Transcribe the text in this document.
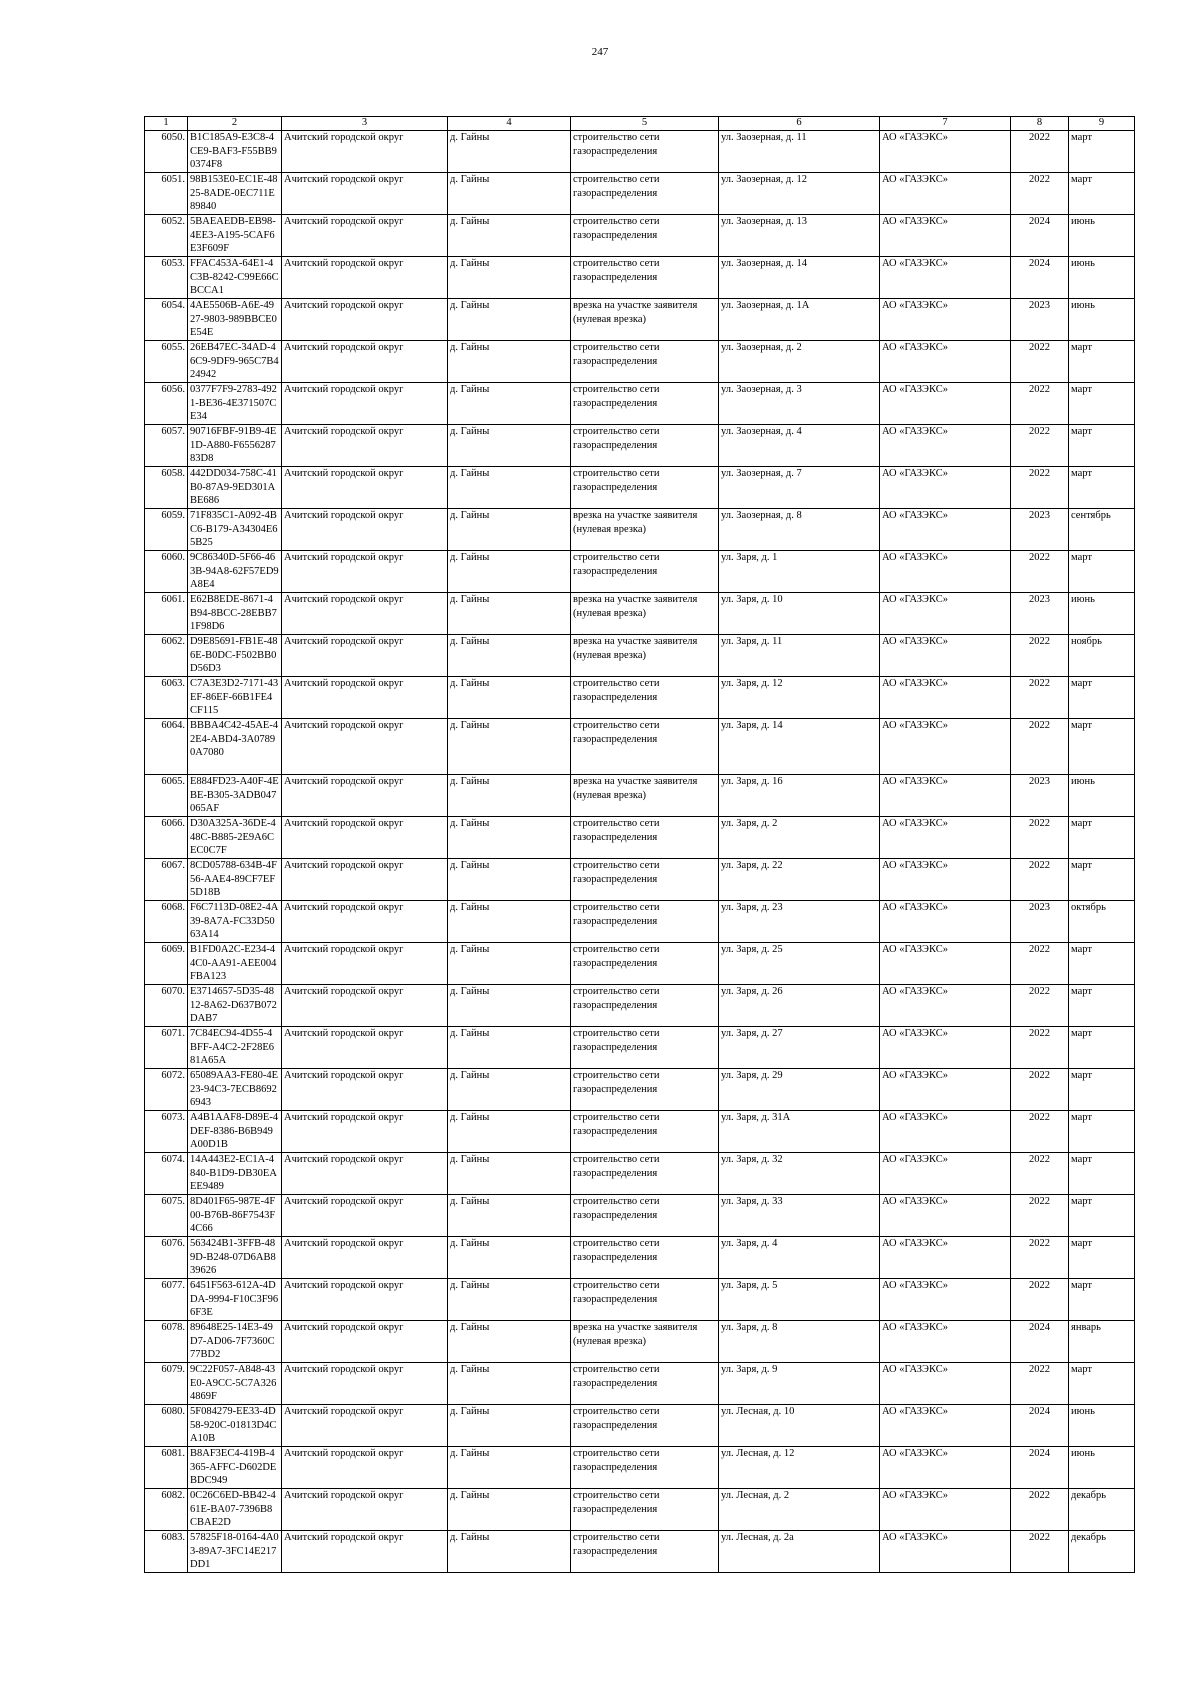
247
1	2	3	4	5	6	7	8	9
6050.	B1C185A9-E3C8-4CE9-BAF3-F55BB90374F8	Ачитский городской округ	д. Гайны	строительство сети газораспределения	ул. Заозерная, д. 11	АО «ГАЗЭКС»	2022	март
6051.	98B153E0-EC1E-4825-8ADE-0EC711E89840	Ачитский городской округ	д. Гайны	строительство сети газораспределения	ул. Заозерная, д. 12	АО «ГАЗЭКС»	2022	март
6052.	5BAEAEDB-EB98-4EE3-A195-5CAF6E3F609F	Ачитский городской округ	д. Гайны	строительство сети газораспределения	ул. Заозерная, д. 13	АО «ГАЗЭКС»	2024	июнь
6053.	FFAC453A-64E1-4C3B-8242-C99E66CBCCA1	Ачитский городской округ	д. Гайны	строительство сети газораспределения	ул. Заозерная, д. 14	АО «ГАЗЭКС»	2024	июнь
6054.	4AE5506B-A6E-4927-9803-989BBCE0E54E	Ачитский городской округ	д. Гайны	врезка на участке заявителя (нулевая врезка)	ул. Заозерная, д. 1А	АО «ГАЗЭКС»	2023	июнь
6055.	26EB47EC-34AD-46C9-9DF9-965C7B424942	Ачитский городской округ	д. Гайны	строительство сети газораспределения	ул. Заозерная, д. 2	АО «ГАЗЭКС»	2022	март
6056.	0377F7F9-2783-4921-BE36-4E371507CE34	Ачитский городской округ	д. Гайны	строительство сети газораспределения	ул. Заозерная, д. 3	АО «ГАЗЭКС»	2022	март
6057.	90716FBF-91B9-4E1D-A880-F655628783D8	Ачитский городской округ	д. Гайны	строительство сети газораспределения	ул. Заозерная, д. 4	АО «ГАЗЭКС»	2022	март
6058.	442DD034-758C-41B0-87A9-9ED301ABE686	Ачитский городской округ	д. Гайны	строительство сети газораспределения	ул. Заозерная, д. 7	АО «ГАЗЭКС»	2022	март
6059.	71F835C1-A092-4BC6-B179-A34304E65B25	Ачитский городской округ	д. Гайны	врезка на участке заявителя (нулевая врезка)	ул. Заозерная, д. 8	АО «ГАЗЭКС»	2023	сентябрь
6060.	9C86340D-5F66-463B-94A8-62F57ED9A8E4	Ачитский городской округ	д. Гайны	строительство сети газораспределения	ул. Заря, д. 1	АО «ГАЗЭКС»	2022	март
6061.	E62B8EDE-8671-4B94-8BCC-28EBB71F98D6	Ачитский городской округ	д. Гайны	врезка на участке заявителя (нулевая врезка)	ул. Заря, д. 10	АО «ГАЗЭКС»	2023	июнь
6062.	D9E85691-FB1E-486E-B0DC-F502BB0D56D3	Ачитский городской округ	д. Гайны	врезка на участке заявителя (нулевая врезка)	ул. Заря, д. 11	АО «ГАЗЭКС»	2022	ноябрь
6063.	C7A3E3D2-7171-43EF-86EF-66B1FE4CF115	Ачитский городской округ	д. Гайны	строительство сети газораспределения	ул. Заря, д. 12	АО «ГАЗЭКС»	2022	март
6064.	BBBA4C42-45AE-42E4-ABD4-3A07890A7080	Ачитский городской округ	д. Гайны	строительство сети газораспределения	ул. Заря, д. 14	АО «ГАЗЭКС»	2022	март
6065.	E884FD23-A40F-4EBE-B305-3ADB047065AF	Ачитский городской округ	д. Гайны	врезка на участке заявителя (нулевая врезка)	ул. Заря, д. 16	АО «ГАЗЭКС»	2023	июнь
6066.	D30A325A-36DE-448C-B885-2E9A6CEC0C7F	Ачитский городской округ	д. Гайны	строительство сети газораспределения	ул. Заря, д. 2	АО «ГАЗЭКС»	2022	март
6067.	8CD05788-634B-4F56-AAE4-89CF7EF5D18B	Ачитский городской округ	д. Гайны	строительство сети газораспределения	ул. Заря, д. 22	АО «ГАЗЭКС»	2022	март
6068.	F6C7113D-08E2-4A39-8A7A-FC33D5063A14	Ачитский городской округ	д. Гайны	строительство сети газораспределения	ул. Заря, д. 23	АО «ГАЗЭКС»	2023	октябрь
6069.	B1FD0A2C-E234-44C0-AA91-AEE004FBA123	Ачитский городской округ	д. Гайны	строительство сети газораспределения	ул. Заря, д. 25	АО «ГАЗЭКС»	2022	март
6070.	E3714657-5D35-4812-8A62-D637B072DAB7	Ачитский городской округ	д. Гайны	строительство сети газораспределения	ул. Заря, д. 26	АО «ГАЗЭКС»	2022	март
6071.	7C84EC94-4D55-4BFF-A4C2-2F28E681A65A	Ачитский городской округ	д. Гайны	строительство сети газораспределения	ул. Заря, д. 27	АО «ГАЗЭКС»	2022	март
6072.	65089AA3-FE80-4E23-94C3-7ECB86926943	Ачитский городской округ	д. Гайны	строительство сети газораспределения	ул. Заря, д. 29	АО «ГАЗЭКС»	2022	март
6073.	A4B1AAF8-D89E-4DEF-8386-B6B949A00D1B	Ачитский городской округ	д. Гайны	строительство сети газораспределения	ул. Заря, д. 31А	АО «ГАЗЭКС»	2022	март
6074.	14A443E2-EC1A-4840-B1D9-DB30EAEE9489	Ачитский городской округ	д. Гайны	строительство сети газораспределения	ул. Заря, д. 32	АО «ГАЗЭКС»	2022	март
6075.	8D401F65-987E-4F00-B76B-86F7543F4C66	Ачитский городской округ	д. Гайны	строительство сети газораспределения	ул. Заря, д. 33	АО «ГАЗЭКС»	2022	март
6076.	563424B1-3FFB-489D-B248-07D6AB839626	Ачитский городской округ	д. Гайны	строительство сети газораспределения	ул. Заря, д. 4	АО «ГАЗЭКС»	2022	март
6077.	6451F563-612A-4DDA-9994-F10C3F966F3E	Ачитский городской округ	д. Гайны	строительство сети газораспределения	ул. Заря, д. 5	АО «ГАЗЭКС»	2022	март
6078.	89648E25-14E3-49D7-AD06-7F7360C77BD2	Ачитский городской округ	д. Гайны	врезка на участке заявителя (нулевая врезка)	ул. Заря, д. 8	АО «ГАЗЭКС»	2024	январь
6079.	9C22F057-A848-43E0-A9CC-5C7A3264869F	Ачитский городской округ	д. Гайны	строительство сети газораспределения	ул. Заря, д. 9	АО «ГАЗЭКС»	2022	март
6080.	5F084279-EE33-4D58-920C-01813D4CA10B	Ачитский городской округ	д. Гайны	строительство сети газораспределения	ул. Лесная, д. 10	АО «ГАЗЭКС»	2024	июнь
6081.	B8AF3EC4-419B-4365-AFFC-D602DEBDC949	Ачитский городской округ	д. Гайны	строительство сети газораспределения	ул. Лесная, д. 12	АО «ГАЗЭКС»	2024	июнь
6082.	0C26C6ED-BB42-461E-BA07-7396B8CBAE2D	Ачитский городской округ	д. Гайны	строительство сети газораспределения	ул. Лесная, д. 2	АО «ГАЗЭКС»	2022	декабрь
6083.	57825F18-0164-4A03-89A7-3FC14E217DD1	Ачитский городской округ	д. Гайны	строительство сети газораспределения	ул. Лесная, д. 2а	АО «ГАЗЭКС»	2022	декабрь
